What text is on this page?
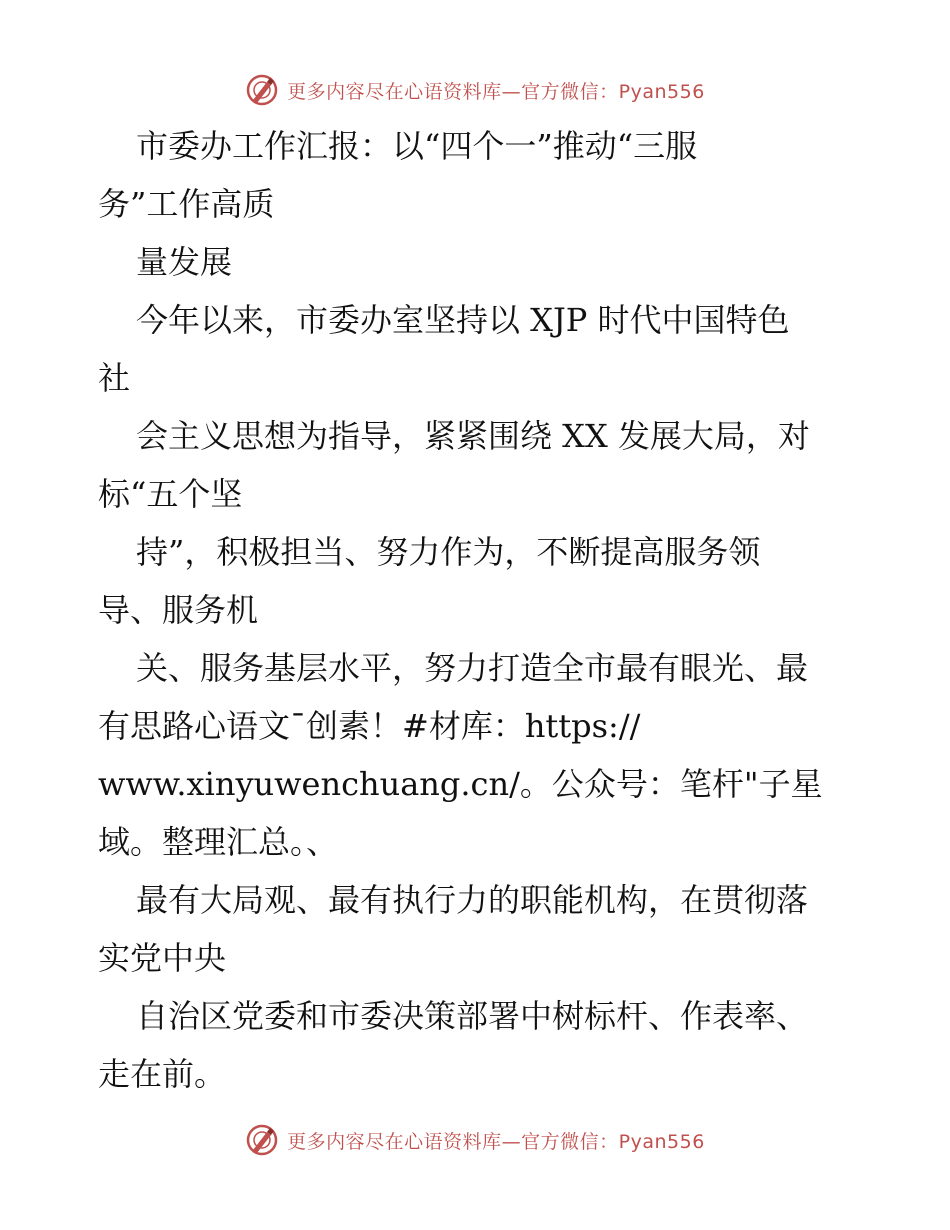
更多内容尽在心语资料库—官方微信：Pyan556
市委办工作汇报：以“四个一”推动“三服
务”工作高质
量发展
今年以来，市委办室坚持以 XJP 时代中国特色
社
会主义思想为指导，紧紧围绕 XX 发展大局，对
标“五个坚
持”，积极担当、努力作为，不断提高服务领
导、服务机
关、服务基层水平，努力打造全市最有眼光、最
有思路心语文¯创素！#材库：https://
www.xinyuwenchuang.cn/。公众号：笔杆"子星
域。整理汇总。、
最有大局观、最有执行力的职能机构，在贯彻落
实党中央
自治区党委和市委决策部署中树标杆、作表率、
走在前。
更多内容尽在心语资料库—官方微信：Pyan556
